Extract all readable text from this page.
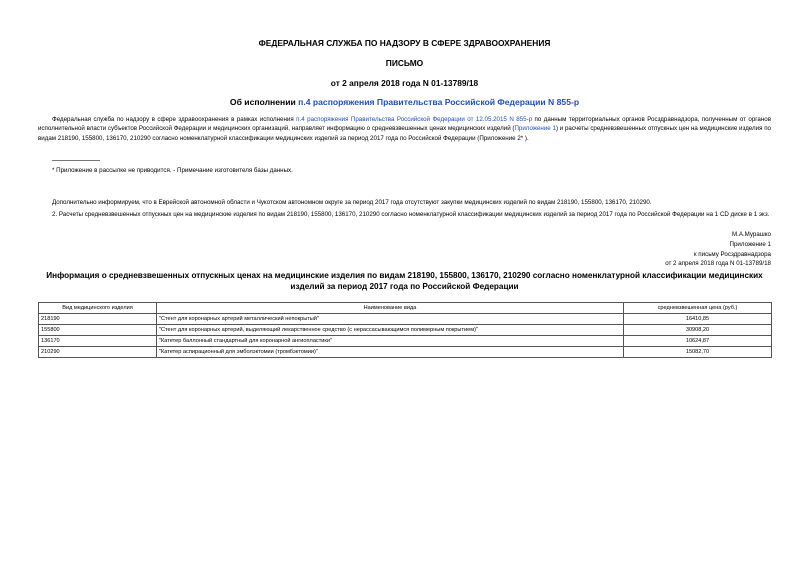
ФЕДЕРАЛЬНАЯ СЛУЖБА ПО НАДЗОРУ В СФЕРЕ ЗДРАВООХРАНЕНИЯ
ПИСЬМО
от 2 апреля 2018 года N 01-13789/18
Об исполнении п.4 распоряжения Правительства Российской Федерации N 855-р
Федеральная служба по надзору в сфере здравоохранения в рамках исполнения п.4 распоряжения Правительства Российской Федерации от 12.05.2015 N 855-р по данным территориальных органов Росздравнадзора, полученным от органов исполнительной власти субъектов Российской Федерации и медицинских организаций, направляет информацию о средневзвешенных ценах медицинских изделий (Приложение 1) и расчеты средневзвешенных отпускных цен на медицинские изделия по видам 218190, 155800, 136170, 210290 согласно номенклатурной классификации медицинских изделий за период 2017 года по Российской Федерации (Приложение 2* ).
* Приложение в рассылке не приводится. - Примечание изготовителя базы данных.
Дополнительно информируем, что в Еврейской автономной области и Чукотском автономном округе за период 2017 года отсутствуют закупки медицинских изделий по видам 218190, 155800, 136170, 210290.
2. Расчеты средневзвешенных отпускных цен на медицинские изделия по видам 218190, 155800, 136170, 210290 согласно номенклатурной классификации медицинских изделий за период 2017 года по Российской Федерации на 1 CD диске в 1 экз.
М.А.Мурашко
Приложение 1
к письму Росздравнадзора
от 2 апреля 2018 года N 01-13789/18
Информация о средневзвешенных отпускных ценах на медицинские изделия по видам 218190, 155800, 136170, 210290 согласно номенклатурной классификации медицинских изделий за период 2017 года по Российской Федерации
Вид медицинского изделия	Наименование вида	средневзвешенная цена (руб.)
218190	"Стент для коронарных артерий металлический непокрытый"	16410,85
155800	"Стент для коронарных артерий, выделяющий лекарственное средство (с нерассасывающимся полимерным покрытием)"	30908,20
136170	"Катетер баллонный стандартный для коронарной ангиопластики"	10624,87
210290	"Катетер аспирационный для эмболэктомии (тромбэктомии)"	15082,70
